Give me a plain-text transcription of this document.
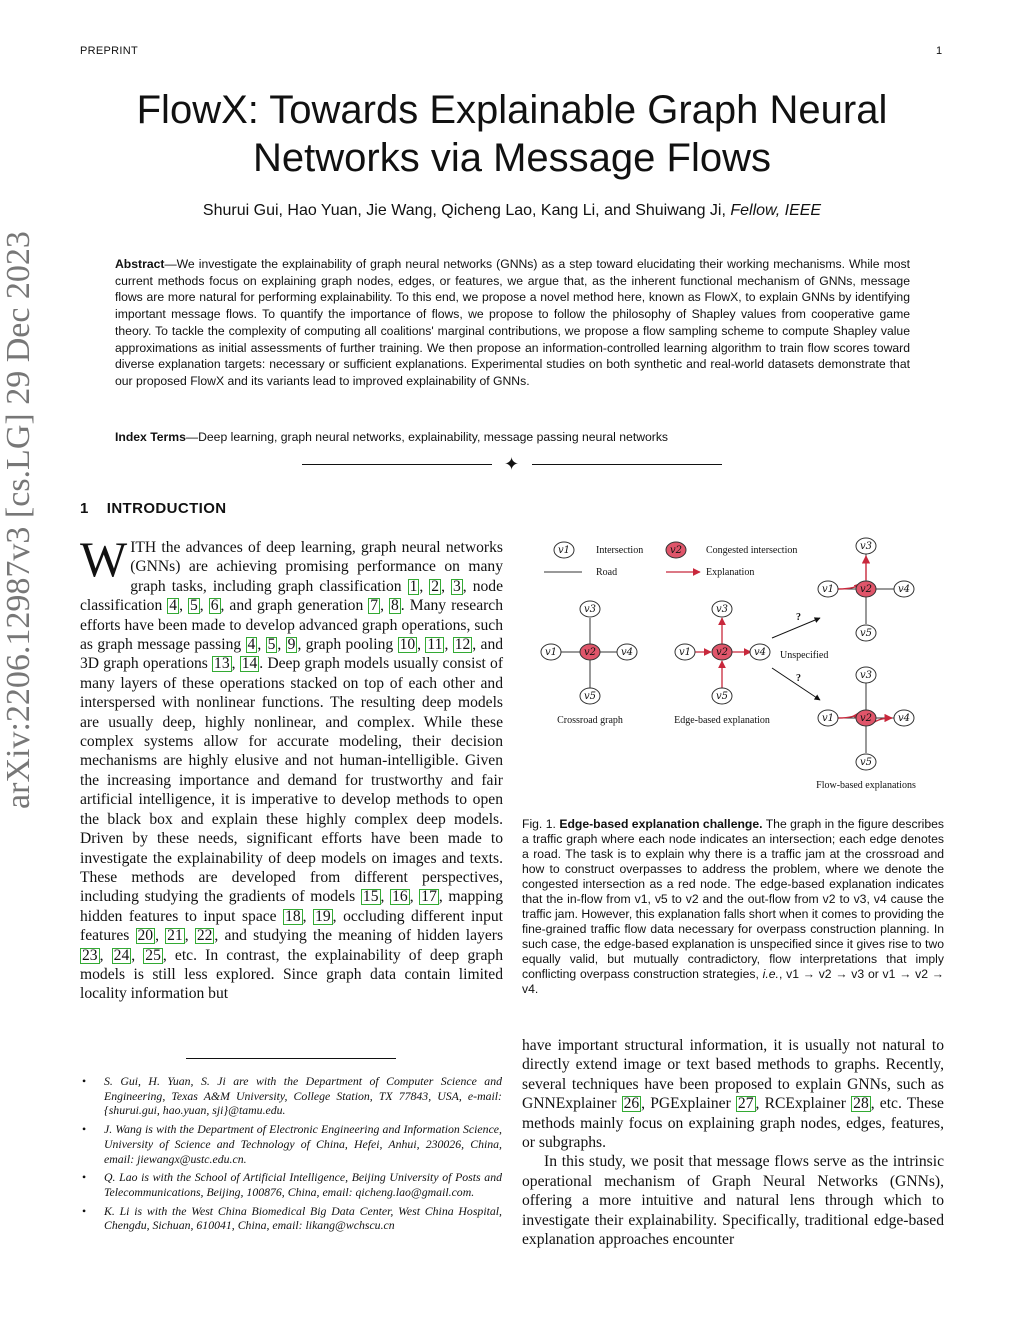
PREPRINT	1
FlowX: Towards Explainable Graph Neural Networks via Message Flows
Shurui Gui, Hao Yuan, Jie Wang, Qicheng Lao, Kang Li, and Shuiwang Ji, Fellow, IEEE
Abstract—We investigate the explainability of graph neural networks (GNNs) as a step toward elucidating their working mechanisms. While most current methods focus on explaining graph nodes, edges, or features, we argue that, as the inherent functional mechanism of GNNs, message flows are more natural for performing explainability. To this end, we propose a novel method here, known as FlowX, to explain GNNs by identifying important message flows. To quantify the importance of flows, we propose to follow the philosophy of Shapley values from cooperative game theory. To tackle the complexity of computing all coalitions' marginal contributions, we propose a flow sampling scheme to compute Shapley value approximations as initial assessments of further training. We then propose an information-controlled learning algorithm to train flow scores toward diverse explanation targets: necessary or sufficient explanations. Experimental studies on both synthetic and real-world datasets demonstrate that our proposed FlowX and its variants lead to improved explainability of GNNs.
Index Terms—Deep learning, graph neural networks, explainability, message passing neural networks
✦
arXiv:2206.12987v3 [cs.LG] 29 Dec 2023	1 INTRODUCTION
WITH the advances of deep learning, graph neural networks (GNNs) are achieving promising performance on many graph tasks, including graph classification 1 , 2 , 3 , node classification 4 , 5 , 6 , and graph generation 7 , 8 . Many research efforts have been made to develop advanced graph operations, such as graph message passing 4 , 5 , 9 , graph pooling 10 , 11 , 12 , and 3D graph operations 13 , 14 . Deep graph models usually consist of many layers of these operations stacked on top of each other and interspersed with nonlinear functions. The resulting deep models are usually deep, highly nonlinear, and complex. While these complex systems allow for accurate modeling, their decision mechanisms are highly elusive and not human-intelligible. Given the increasing importance and demand for trustworthy and fair artificial intelligence, it is imperative to develop methods to open the black box and explain these highly complex deep models. Driven by these needs, significant efforts have been made to investigate the explainability of deep models on images and texts. These methods are developed from different perspectives, including studying the gradients of models 15 , 16 , 17 , mapping hidden features to input space 18 , 19 , occluding different input features 20 , 21 , 22 , and studying the meaning of hidden layers 23 , 24 , 25 , etc. In contrast, the explainability of deep graph models is still less explored. Since graph data contain limited locality information but
• S. Gui, H. Yuan, S. Ji are with the Department of Computer Science and Engineering, Texas A&M University, College Station, TX 77843, USA, e-mail: {shurui.gui, hao.yuan, sji}@tamu.edu.
• J. Wang is with the Department of Electronic Engineering and Information Science, University of Science and Technology of China, Hefei, Anhui, 230026, China, email: jiewangx@ustc.edu.cn.
• Q. Lao is with the School of Artificial Intelligence, Beijing University of Posts and Telecommunications, Beijing, 100876, China, email: qicheng.lao@gmail.com.
• K. Li is with the West China Biomedical Big Data Center, West China Hospital, Chengdu, Sichuan, 610041, China, email: likang@wchscu.cn
v1	Intersection	v2 Congested intersection
Road	Explanation
v1	v2 v4
v3
v5
Crossroad graph
v1 v2	v4
v3
v5
Edge-based explanation
Unspecified
?
?
v1	v2	v4
v3
v5
v1	v2	v4
v3
v5
Flow-based explanations
Fig. 1. Edge-based explanation challenge. The graph in the figure describes a traffic graph where each node indicates an intersection; each edge denotes a road. The task is to explain why there is a traffic jam at the crossroad and how to construct overpasses to address the problem, where we denote the congested intersection as a red node. The edge-based explanation indicates that the in-flow from v1, v5 to v2 and the out-flow from v2 to v3, v4 cause the traffic jam. However, this explanation falls short when it comes to providing the fine-grained traffic flow data necessary for overpass construction planning. In such case, the edge-based explanation is unspecified since it gives rise to two equally valid, but mutually contradictory, flow interpretations that imply conflicting overpass construction strategies, i.e., v1 → v2 → v3 or v1 → v2 → v4.

have important structural information, it is usually not natural to directly extend image or text based methods to graphs. Recently, several techniques have been proposed to explain GNNs, such as GNNExplainer 26 , PGExplainer 27 , RCExplainer 28 , etc. These methods mainly focus on explaining graph nodes, edges, features, or subgraphs.

In this study, we posit that message flows serve as the intrinsic operational mechanism of Graph Neural Networks (GNNs), offering a more intuitive and natural lens through which to investigate their explainability. Specifically, traditional edge-based explanation approaches encounter
